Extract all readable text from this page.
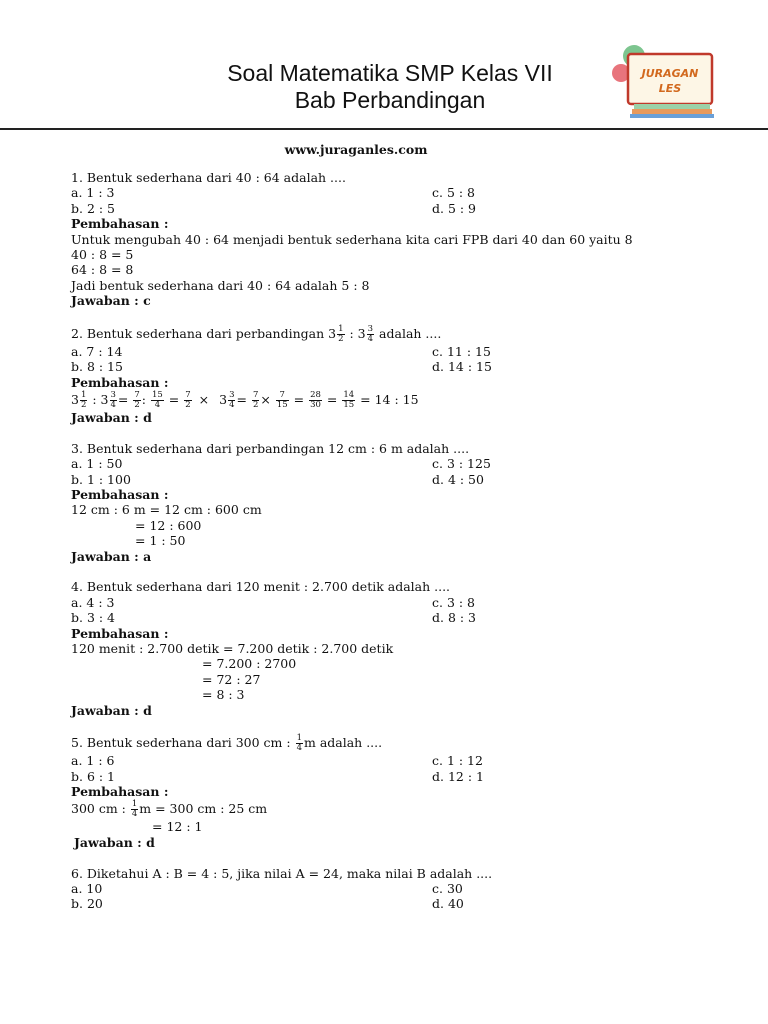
Soal Matematika SMP Kelas VII
Bab Perbandingan
JURAGAN
LES
www.juraganles.com
1. Bentuk sederhana dari 40 : 64 adalah ....
a. 1 : 3	c. 5 : 8
b. 2 : 5	d. 5 : 9
Pembahasan :
Untuk mengubah 40 : 64 menjadi bentuk sederhana kita cari FPB dari 40 dan 60 yaitu 8
40 : 8 = 5
64 : 8 = 8
Jadi bentuk sederhana dari 40 : 64 adalah 5 : 8
Jawaban : c
2. Bentuk sederhana dari perbandingan $3 \frac{1}{2}$ : $3 \frac{3}{4}$ adalah ....
a. 7 : 14	c. 11 : 15
b. 8 : 15	d. 14 : 15
Pembahasan :
$3 \frac{1}{2}$ : $3 \frac{3}{4} = \frac{7}{2}$ : $\frac{15}{4} = \frac{7}{2} \times 3 \frac{3}{4} = \frac{7}{2} \times \frac{7}{15} = \frac{28}{30} = \frac{14}{15} = 14$ : 15
Jawaban : d
3. Bentuk sederhana dari perbandingan 12 cm : 6 m adalah ....
a. 1 : 50	c. 3 : 125
b. 1 : 100	d. 4 : 50
Pembahasan :
12 cm : 6 m = 12 cm : 600 cm
= 12 : 600
= 1 : 50
Jawaban : a
4. Bentuk sederhana dari 120 menit : 2.700 detik adalah ....
a. 4 : 3	c. 3 : 8
b. 3 : 4	d. 8 : 3
Pembahasan :
120 menit : 2.700 detik = 7.200 detik : 2.700 detik
= 7.200 : 2700
= 72 : 27
= 8 : 3
Jawaban : d
5. Bentuk sederhana dari 300 cm : $\frac{1}{4}$ m adalah ....
a. 1 : 6	c. 1 : 12
b. 6 : 1	d. 12 : 1
Pembahasan :
300 cm : $\frac{1}{4}$ m = 300 cm : 25 cm
= 12 : 1
Jawaban : d
6. Diketahui A : B = 4 : 5, jika nilai A = 24, maka nilai B adalah ....
a. 10	c. 30
b. 20	d. 40
